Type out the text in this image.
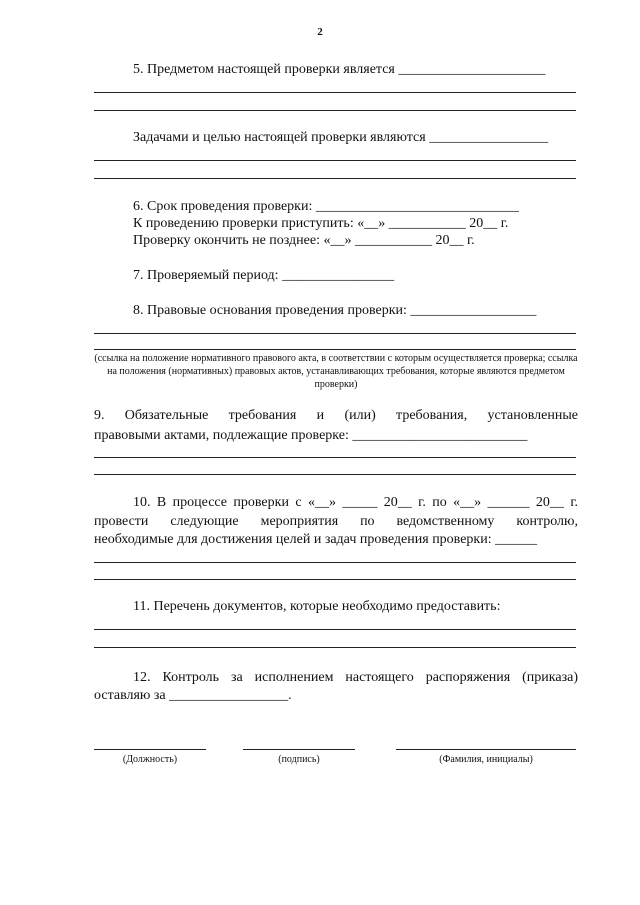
2
5. Предметом настоящей проверки является _____________________
Задачами и целью настоящей проверки являются _________________
6. Срок проведения проверки: _____________________________
К проведению проверки приступить: «__» ___________ 20__ г.
Проверку окончить не позднее: «__» ___________ 20__ г.
7. Проверяемый период: ________________
8. Правовые основания проведения проверки: __________________
(ссылка на положение нормативного правового акта, в соответствии с которым осуществляется проверка; ссылка на положения (нормативных) правовых актов, устанавливающих требования, которые являются предметом проверки)
9. Обязательные требования и (или) требования, установленные
правовыми актами, подлежащие проверке: _________________________
10. В процессе проверки с «__» _____ 20__ г. по «__» ______ 20__ г.
провести следующие мероприятия по ведомственному контролю,
необходимые для достижения целей и задач проведения проверки: ______
11. Перечень документов, которые необходимо предоставить:
12. Контроль за исполнением настоящего распоряжения (приказа)
оставляю за _________________.
(Должность)	(подпись)	(Фамилия, инициалы)
